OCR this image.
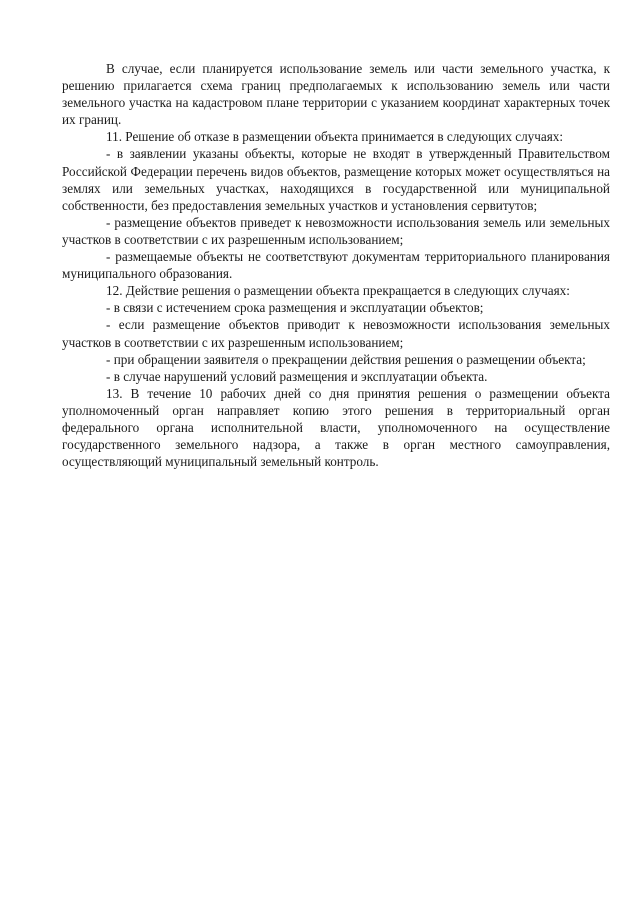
В случае, если планируется использование земель или части земельного участка, к решению прилагается схема границ предполагаемых к использованию земель или части земельного участка на кадастровом плане территории с указанием координат характерных точек их границ.

11. Решение об отказе в размещении объекта принимается в следующих случаях:

- в заявлении указаны объекты, которые не входят в утвержденный Правительством Российской Федерации перечень видов объектов, размещение которых может осуществляться на землях или земельных участках, находящихся в государственной или муниципальной собственности, без предоставления земельных участков и установления сервитутов;

- размещение объектов приведет к невозможности использования земель или земельных участков в соответствии с их разрешенным использованием;

- размещаемые объекты не соответствуют документам территориального планирования муниципального образования.

12. Действие решения о размещении объекта прекращается в следующих случаях:

- в связи с истечением срока размещения и эксплуатации объектов;

- если размещение объектов приводит к невозможности использования земельных участков в соответствии с их разрешенным использованием;

- при обращении заявителя о прекращении действия решения о размещении объекта;

- в случае нарушений условий размещения и эксплуатации объекта.

13. В течение 10 рабочих дней со дня принятия решения о размещении объекта уполномоченный орган направляет копию этого решения в территориальный орган федерального органа исполнительной власти, уполномоченного на осуществление государственного земельного надзора, а также в орган местного самоуправления, осуществляющий муниципальный земельный контроль.
